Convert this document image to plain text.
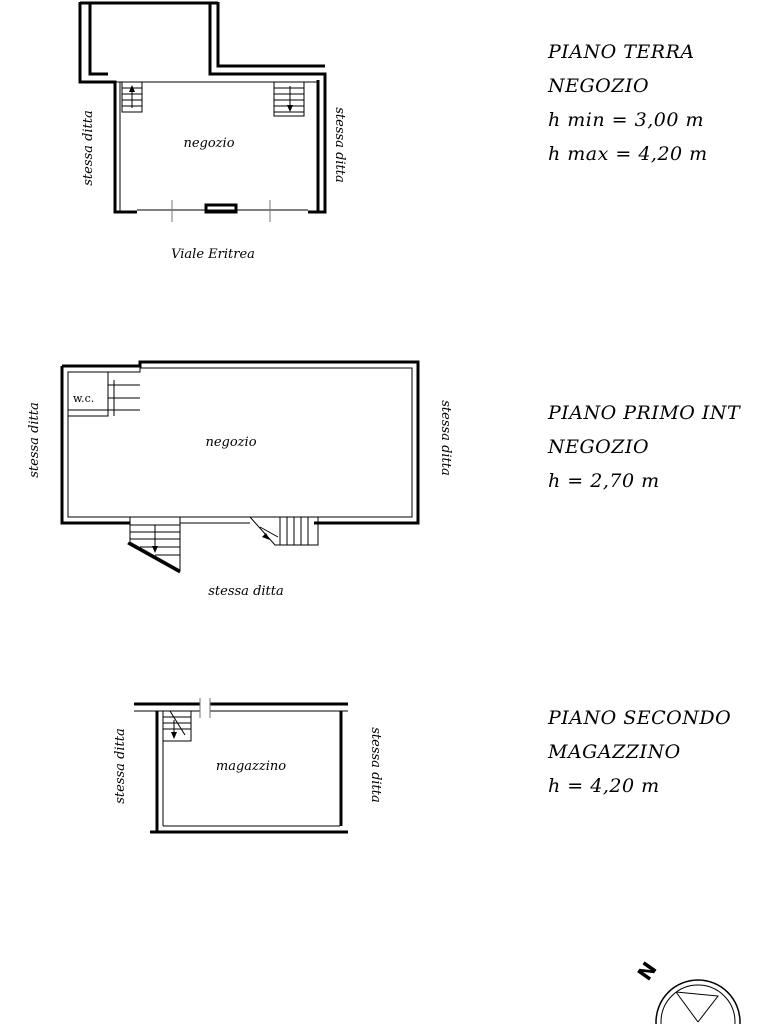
negozio
stessa ditta	stessa ditta
Viale Eritrea
PIANO TERRA
NEGOZIO
h min = 3,00 m
h max = 4,20 m
w.c.
negozio
stessa ditta	stessa ditta
stessa ditta
PIANO PRIMO INT
NEGOZIO
h = 2,70 m
magazzino
stessa ditta	stessa ditta
PIANO SECONDO
MAGAZZINO
h = 4,20 m
N
